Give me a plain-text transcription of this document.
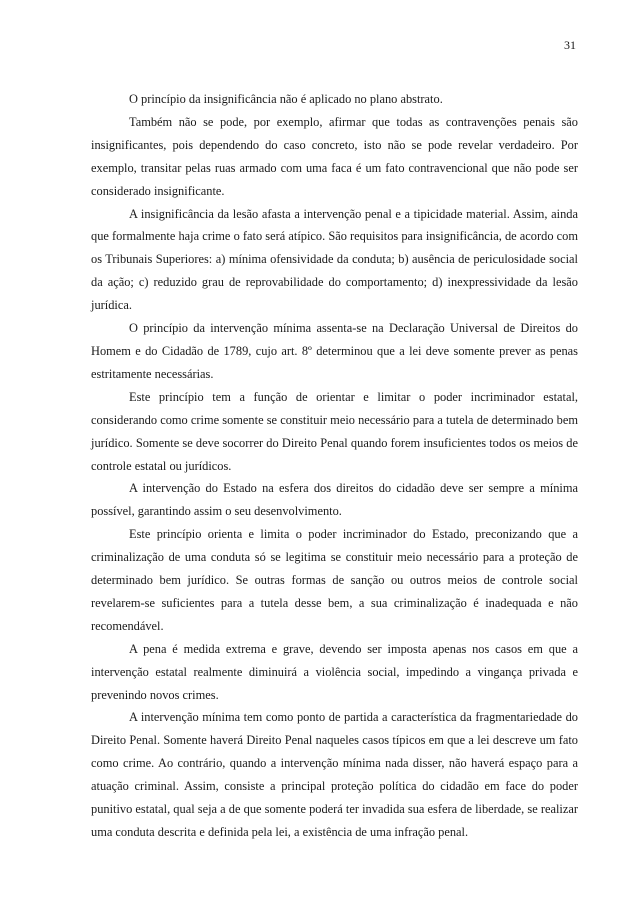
31

O princípio da insignificância não é aplicado no plano abstrato.

Também não se pode, por exemplo, afirmar que todas as contravenções penais são insignificantes, pois dependendo do caso concreto, isto não se pode revelar verdadeiro. Por exemplo, transitar pelas ruas armado com uma faca é um fato contravencional que não pode ser considerado insignificante.

A insignificância da lesão afasta a intervenção penal e a tipicidade material. Assim, ainda que formalmente haja crime o fato será atípico. São requisitos para insignificância, de acordo com os Tribunais Superiores: a) mínima ofensividade da conduta; b) ausência de periculosidade social da ação; c) reduzido grau de reprovabilidade do comportamento; d) inexpressividade da lesão jurídica.

O princípio da intervenção mínima assenta-se na Declaração Universal de Direitos do Homem e do Cidadão de 1789, cujo art. 8º determinou que a lei deve somente prever as penas estritamente necessárias.

Este princípio tem a função de orientar e limitar o poder incriminador estatal, considerando como crime somente se constituir meio necessário para a tutela de determinado bem jurídico. Somente se deve socorrer do Direito Penal quando forem insuficientes todos os meios de controle estatal ou jurídicos.

A intervenção do Estado na esfera dos direitos do cidadão deve ser sempre a mínima possível, garantindo assim o seu desenvolvimento.

Este princípio orienta e limita o poder incriminador do Estado, preconizando que a criminalização de uma conduta só se legitima se constituir meio necessário para a proteção de determinado bem jurídico. Se outras formas de sanção ou outros meios de controle social revelarem-se suficientes para a tutela desse bem, a sua criminalização é inadequada e não recomendável.

A pena é medida extrema e grave, devendo ser imposta apenas nos casos em que a intervenção estatal realmente diminuirá a violência social, impedindo a vingança privada e prevenindo novos crimes.

A intervenção mínima tem como ponto de partida a característica da fragmentariedade do Direito Penal. Somente haverá Direito Penal naqueles casos típicos em que a lei descreve um fato como crime. Ao contrário, quando a intervenção mínima nada disser, não haverá espaço para a atuação criminal. Assim, consiste a principal proteção política do cidadão em face do poder punitivo estatal, qual seja a de que somente poderá ter invadida sua esfera de liberdade, se realizar uma conduta descrita e definida pela lei, a existência de uma infração penal.
